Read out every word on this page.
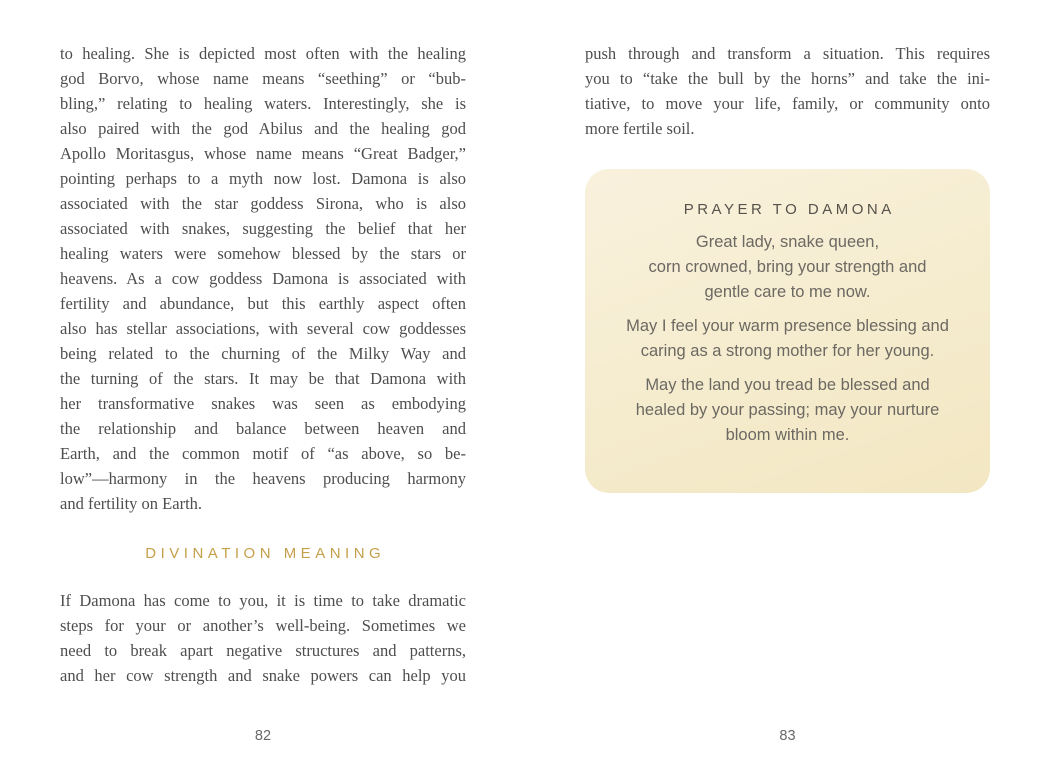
to healing. She is depicted most often with the healing
god Borvo, whose name means “seething” or “bub-
bling,” relating to healing waters. Interestingly, she is
also paired with the god Abilus and the healing god
Apollo Moritasgus, whose name means “Great Badger,”
pointing perhaps to a myth now lost. Damona is also
associated with the star goddess Sirona, who is also
associated with snakes, suggesting the belief that her
healing waters were somehow blessed by the stars or
heavens. As a cow goddess Damona is associated with
fertility and abundance, but this earthly aspect often
also has stellar associations, with several cow goddesses
being related to the churning of the Milky Way and
the turning of the stars. It may be that Damona with
her transformative snakes was seen as embodying
the relationship and balance between heaven and
Earth, and the common motif of “as above, so be-
low”—harmony in the heavens producing harmony
and fertility on Earth.
DIVINATION MEANING
If Damona has come to you, it is time to take dramatic
steps for your or another’s well-being. Sometimes we
need to break apart negative structures and patterns,
and her cow strength and snake powers can help you
82
push through and transform a situation. This requires
you to “take the bull by the horns” and take the ini-
tiative, to move your life, family, or community onto
more fertile soil.
PRAYER TO DAMONA
Great lady, snake queen,
corn crowned, bring your strength and
gentle care to me now.
May I feel your warm presence blessing and
caring as a strong mother for her young.
May the land you tread be blessed and
healed by your passing; may your nurture
bloom within me.
83
